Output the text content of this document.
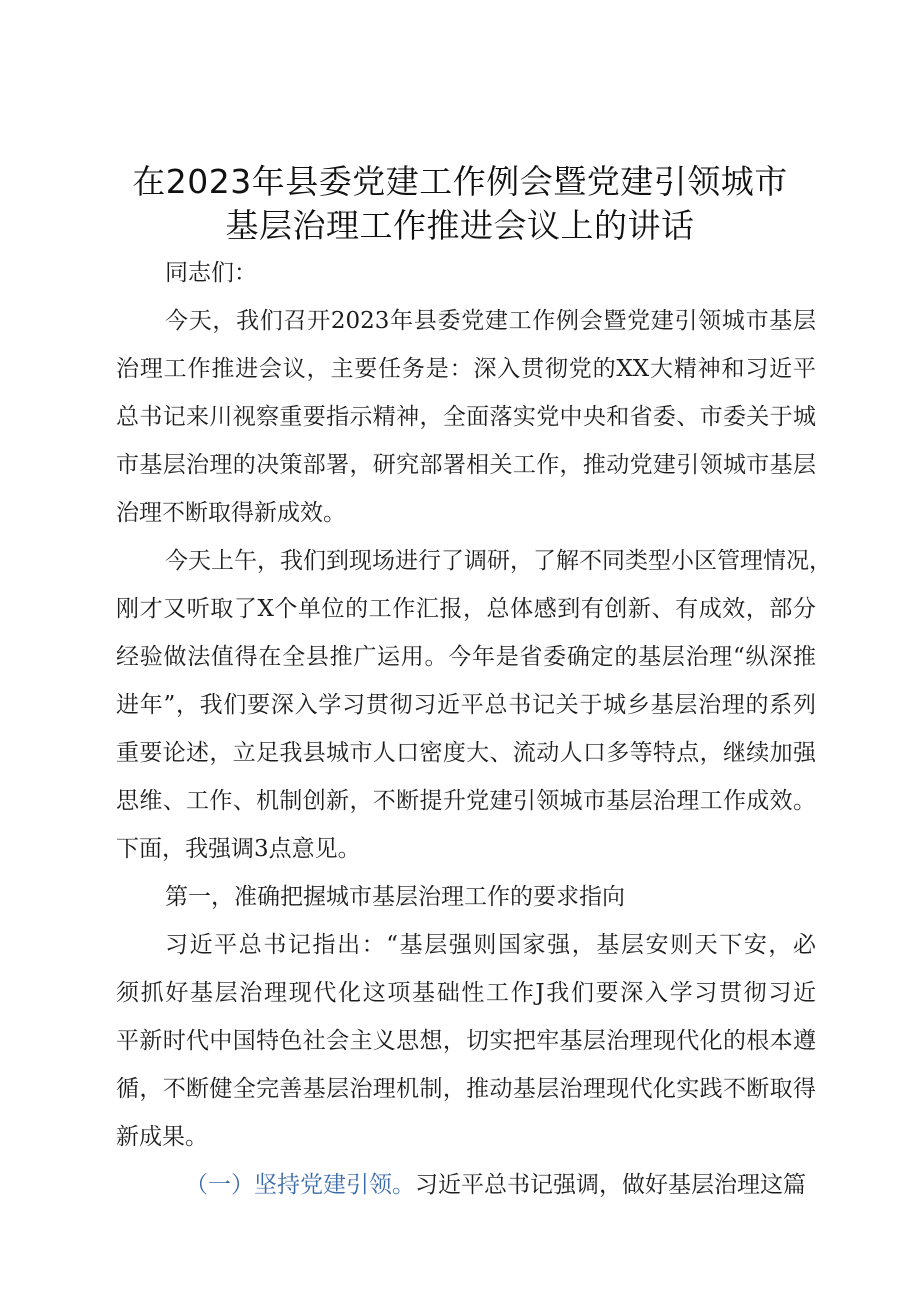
在2023年县委党建工作例会暨党建引领城市
基层治理工作推进会议上的讲话
同志们：
今天，我们召开2023年县委党建工作例会暨党建引领城市基层
治理工作推进会议，主要任务是：深入贯彻党的XX大精神和习近平
总书记来川视察重要指示精神，全面落实党中央和省委、市委关于城
市基层治理的决策部署，研究部署相关工作，推动党建引领城市基层
治理不断取得新成效。
今天上午，我们到现场进行了调研，了解不同类型小区管理情况，
刚才又听取了X个单位的工作汇报，总体感到有创新、有成效，部分
经验做法值得在全县推广运用。今年是省委确定的基层治理“纵深推
进年”，我们要深入学习贯彻习近平总书记关于城乡基层治理的系列
重要论述，立足我县城市人口密度大、流动人口多等特点，继续加强
思维、工作、机制创新，不断提升党建引领城市基层治理工作成效。
下面，我强调3点意见。
第一，准确把握城市基层治理工作的要求指向
习近平总书记指出：“基层强则国家强，基层安则天下安，必
须抓好基层治理现代化这项基础性工作J我们要深入学习贯彻习近
平新时代中国特色社会主义思想，切实把牢基层治理现代化的根本遵
循，不断健全完善基层治理机制，推动基层治理现代化实践不断取得
新成果。
（一）坚持党建引领。习近平总书记强调，做好基层治理这篇
